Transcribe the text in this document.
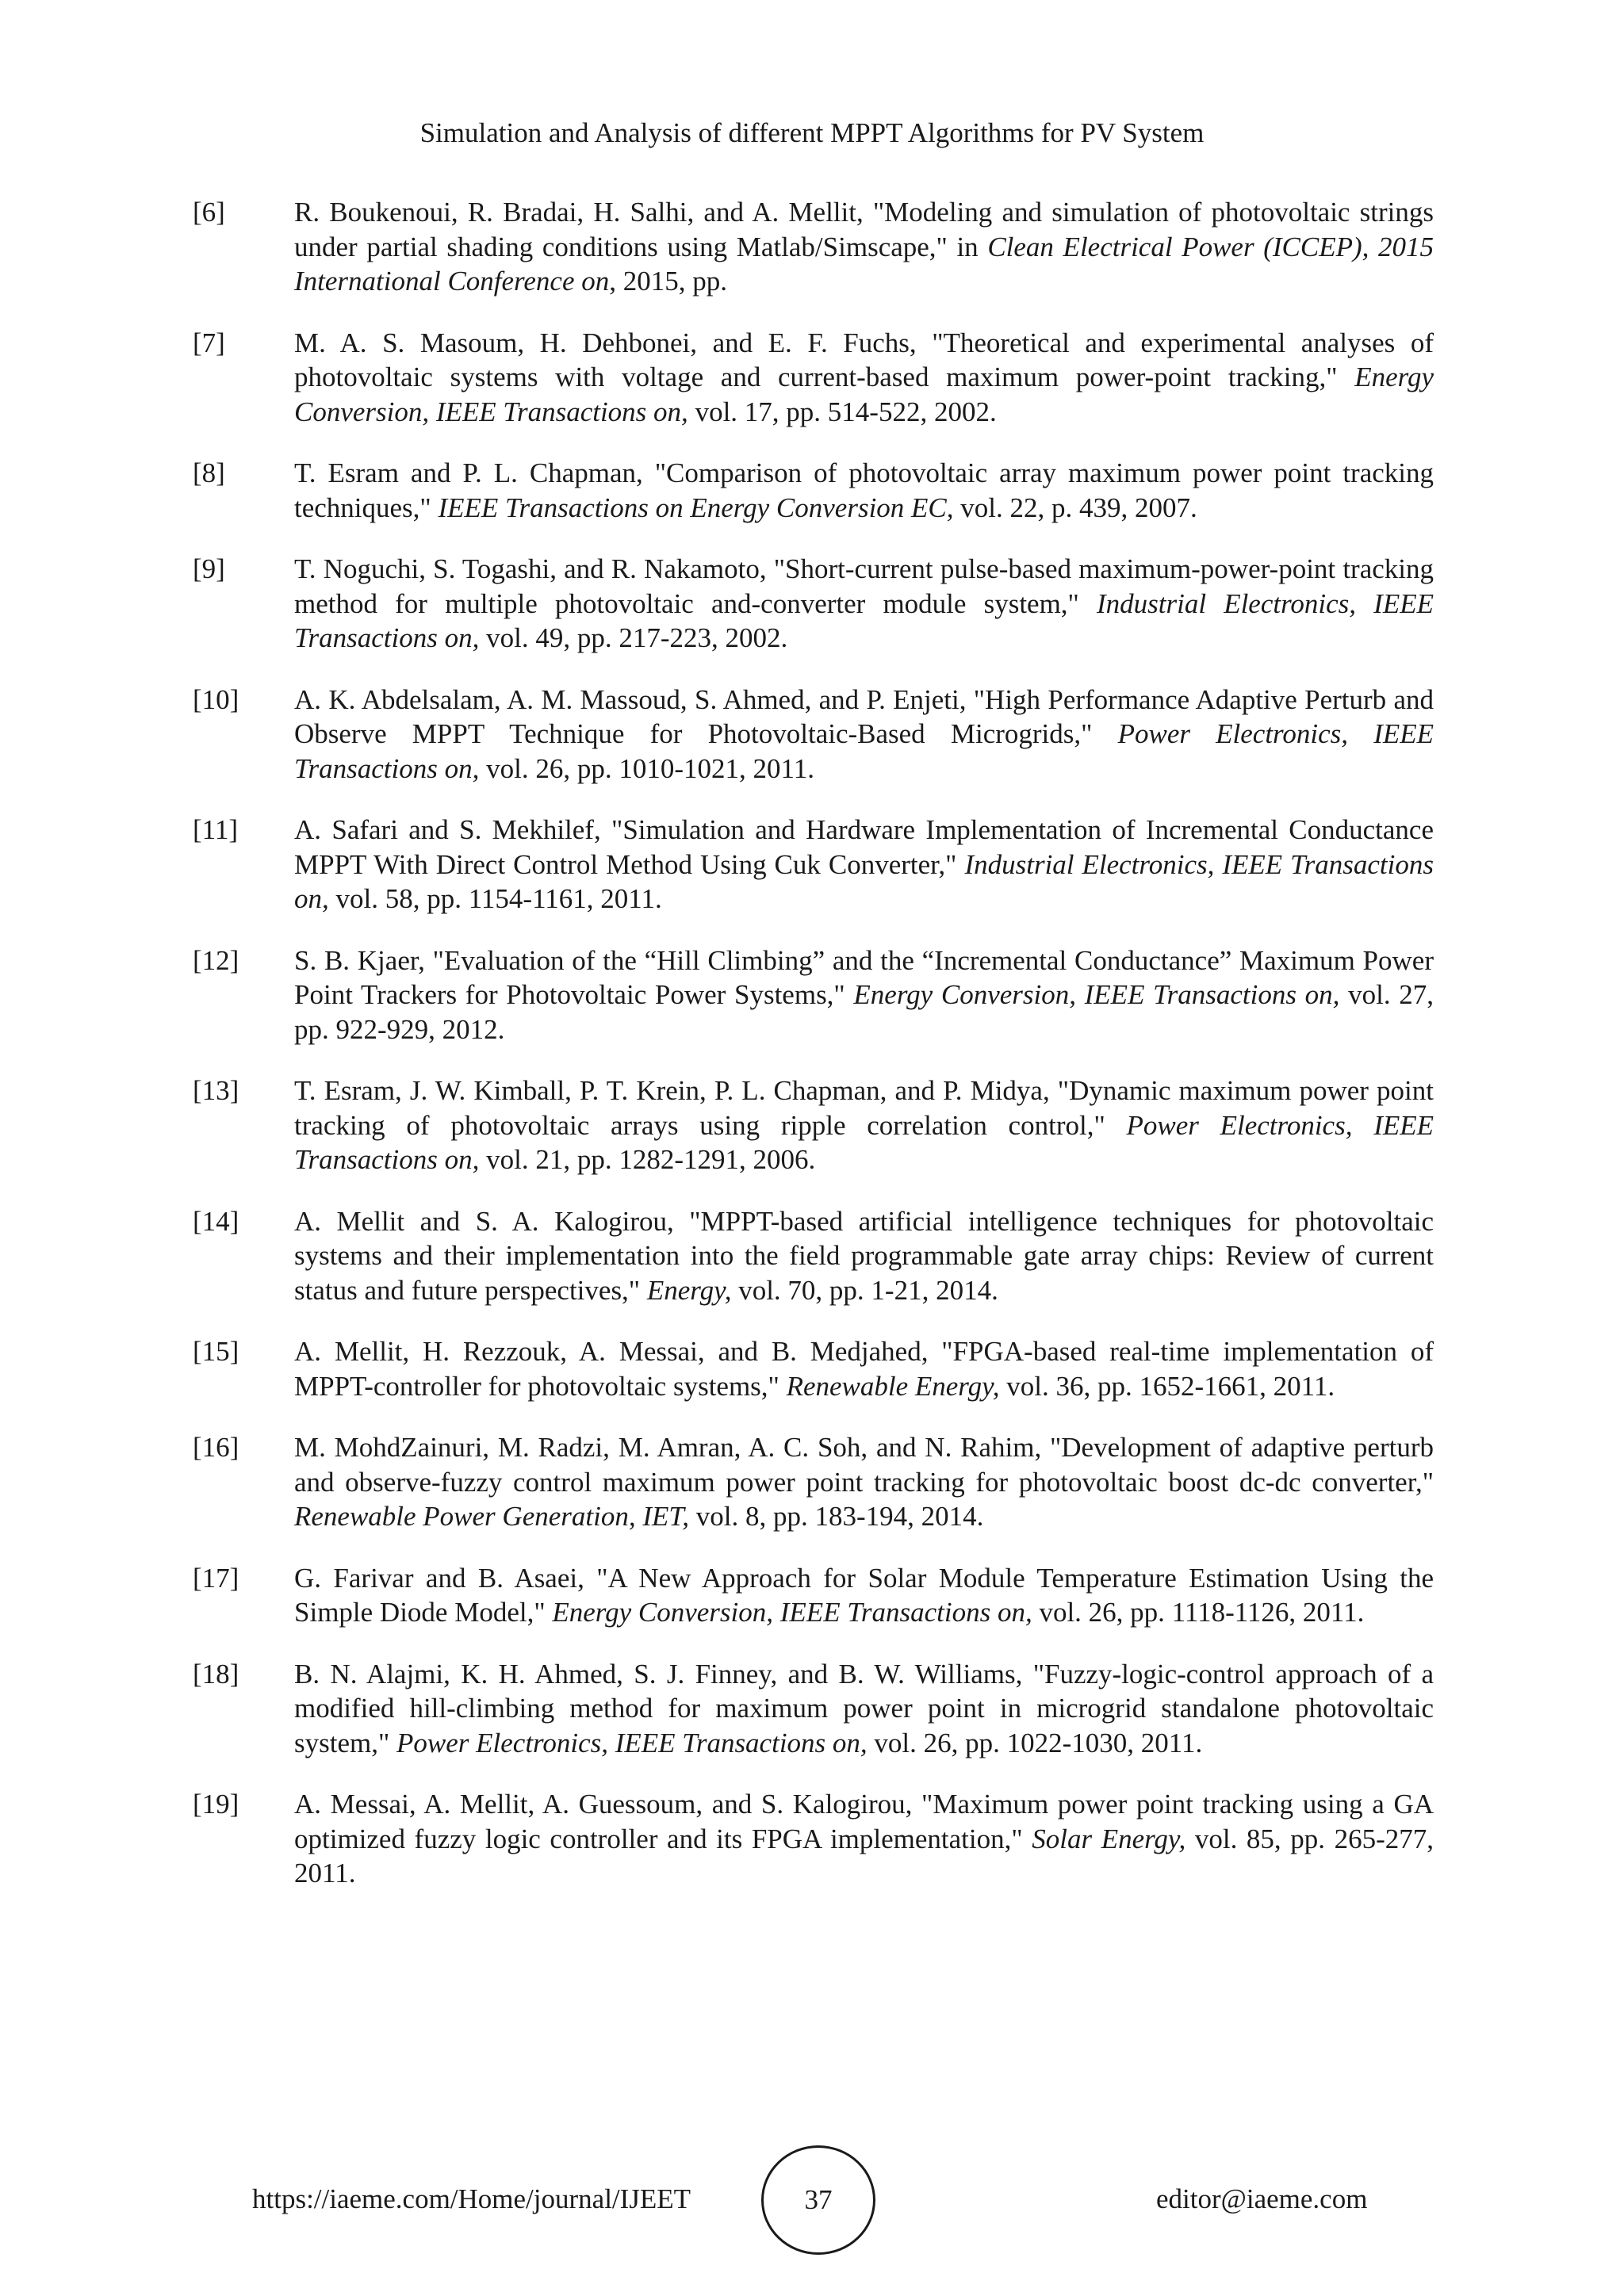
Simulation and Analysis of different MPPT Algorithms for PV System
[6]	R. Boukenoui, R. Bradai, H. Salhi, and A. Mellit, "Modeling and simulation of photovoltaic strings under partial shading conditions using Matlab/Simscape," in Clean Electrical Power (ICCEP), 2015 International Conference on, 2015, pp.
[7]	M. A. S. Masoum, H. Dehbonei, and E. F. Fuchs, "Theoretical and experimental analyses of photovoltaic systems with voltage and current-based maximum power-point tracking," Energy Conversion, IEEE Transactions on, vol. 17, pp. 514-522, 2002.
[8]	T. Esram and P. L. Chapman, "Comparison of photovoltaic array maximum power point tracking techniques," IEEE Transactions on Energy Conversion EC, vol. 22, p. 439, 2007.
[9]	T. Noguchi, S. Togashi, and R. Nakamoto, "Short-current pulse-based maximum-power-point tracking method for multiple photovoltaic and-converter module system," Industrial Electronics, IEEE Transactions on, vol. 49, pp. 217-223, 2002.
[10]	A. K. Abdelsalam, A. M. Massoud, S. Ahmed, and P. Enjeti, "High Performance Adaptive Perturb and Observe MPPT Technique for Photovoltaic-Based Microgrids," Power Electronics, IEEE Transactions on, vol. 26, pp. 1010-1021, 2011.
[11]	A. Safari and S. Mekhilef, "Simulation and Hardware Implementation of Incremental Conductance MPPT With Direct Control Method Using Cuk Converter," Industrial Electronics, IEEE Transactions on, vol. 58, pp. 1154-1161, 2011.
[12]	S. B. Kjaer, "Evaluation of the “Hill Climbing” and the “Incremental Conductance” Maximum Power Point Trackers for Photovoltaic Power Systems," Energy Conversion, IEEE Transactions on, vol. 27, pp. 922-929, 2012.
[13]	T. Esram, J. W. Kimball, P. T. Krein, P. L. Chapman, and P. Midya, "Dynamic maximum power point tracking of photovoltaic arrays using ripple correlation control," Power Electronics, IEEE Transactions on, vol. 21, pp. 1282-1291, 2006.
[14]	A. Mellit and S. A. Kalogirou, "MPPT-based artificial intelligence techniques for photovoltaic systems and their implementation into the field programmable gate array chips: Review of current status and future perspectives," Energy, vol. 70, pp. 1-21, 2014.
[15]	A. Mellit, H. Rezzouk, A. Messai, and B. Medjahed, "FPGA-based real-time implementation of MPPT-controller for photovoltaic systems," Renewable Energy, vol. 36, pp. 1652-1661, 2011.
[16]	M. MohdZainuri, M. Radzi, M. Amran, A. C. Soh, and N. Rahim, "Development of adaptive perturb and observe-fuzzy control maximum power point tracking for photovoltaic boost dc-dc converter," Renewable Power Generation, IET, vol. 8, pp. 183-194, 2014.
[17]	G. Farivar and B. Asaei, "A New Approach for Solar Module Temperature Estimation Using the Simple Diode Model," Energy Conversion, IEEE Transactions on, vol. 26, pp. 1118-1126, 2011.
[18]	B. N. Alajmi, K. H. Ahmed, S. J. Finney, and B. W. Williams, "Fuzzy-logic-control approach of a modified hill-climbing method for maximum power point in microgrid standalone photovoltaic system," Power Electronics, IEEE Transactions on, vol. 26, pp. 1022-1030, 2011.
[19]	A. Messai, A. Mellit, A. Guessoum, and S. Kalogirou, "Maximum power point tracking using a GA optimized fuzzy logic controller and its FPGA implementation," Solar Energy, vol. 85, pp. 265-277, 2011.
https://iaeme.com/Home/journal/IJEET	37	editor@iaeme.com
